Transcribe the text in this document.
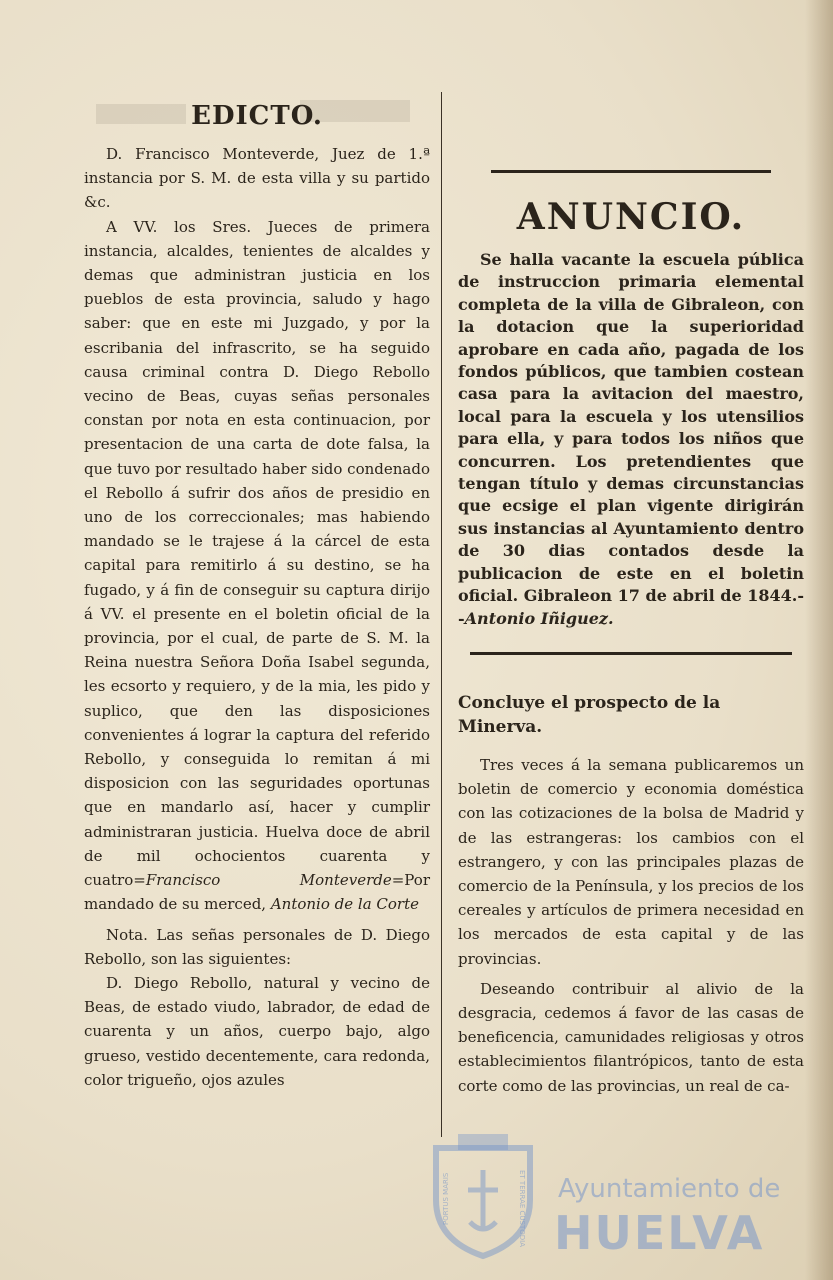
EDICTO.

D. Francisco Monteverde, Juez de 1.ª instancia por S. M. de esta villa y su partido &c.

A VV. los Sres. Jueces de primera instancia, alcaldes, tenientes de alcaldes y demas que administran justicia en los pueblos de esta provincia, saludo y hago saber: que en este mi Juzgado, y por la escribania del infrascrito, se ha seguido causa criminal contra D. Diego Rebollo vecino de Beas, cuyas señas personales constan por nota en esta continuacion, por presentacion de una carta de dote falsa, la que tuvo por resultado haber sido condenado el Rebollo á sufrir dos años de presidio en uno de los correccionales; mas habiendo mandado se le trajese á la cárcel de esta capital para remitirlo á su destino, se ha fugado, y á fin de conseguir su captura dirijo á VV. el presente en el boletin oficial de la provincia, por el cual, de parte de S. M. la Reina nuestra Señora Doña Isabel segunda, les ecsorto y requiero, y de la mia, les pido y suplico, que den las disposiciones convenientes á lograr la captura del referido Rebollo, y conseguida lo remitan á mi disposicion con las seguridades oportunas que en mandarlo así, hacer y cumplir administraran justicia. Huelva doce de abril de mil ochocientos cuarenta y cuatro=Francisco Monteverde=Por mandado de su merced, Antonio de la Corte

Nota. Las señas personales de D. Diego Rebollo, son las siguientes:

D. Diego Rebollo, natural y vecino de Beas, de estado viudo, labrador, de edad de cuarenta y un años, cuerpo bajo, algo grueso, vestido decentemente, cara redonda, color trigueño, ojos azules

ANUNCIO.

Se halla vacante la escuela pública de instruccion primaria elemental completa de la villa de Gibraleon, con la dotacion que la superioridad aprobare en cada año, pagada de los fondos públicos, que tambien costean casa para la avitacion del maestro, local para la escuela y los utensilios para ella, y para todos los niños que concurren. Los pretendientes que tengan título y demas circunstancias que ecsige el plan vigente dirigirán sus instancias al Ayuntamiento dentro de 30 dias contados desde la publicacion de este en el boletin oficial. Gibraleon 17 de abril de 1844.--Antonio Iñiguez.

Concluye el prospecto de la Minerva.

Tres veces á la semana publicaremos un boletin de comercio y economia doméstica con las cotizaciones de la bolsa de Madrid y de las estrangeras: los cambios con el estrangero, y con las principales plazas de comercio de la Península, y los precios de los cereales y artículos de primera necesidad en los mercados de esta capital y de las provincias.

Deseando contribuir al alivio de la desgracia, cedemos á favor de las casas de beneficencia, camunidades religiosas y otros establecimientos filantrópicos, tanto de esta corte como de las provincias, un real de ca-

PORTUS MARIS	ET TERRAE CUSTODIA Ayuntamiento de
HUELVA
